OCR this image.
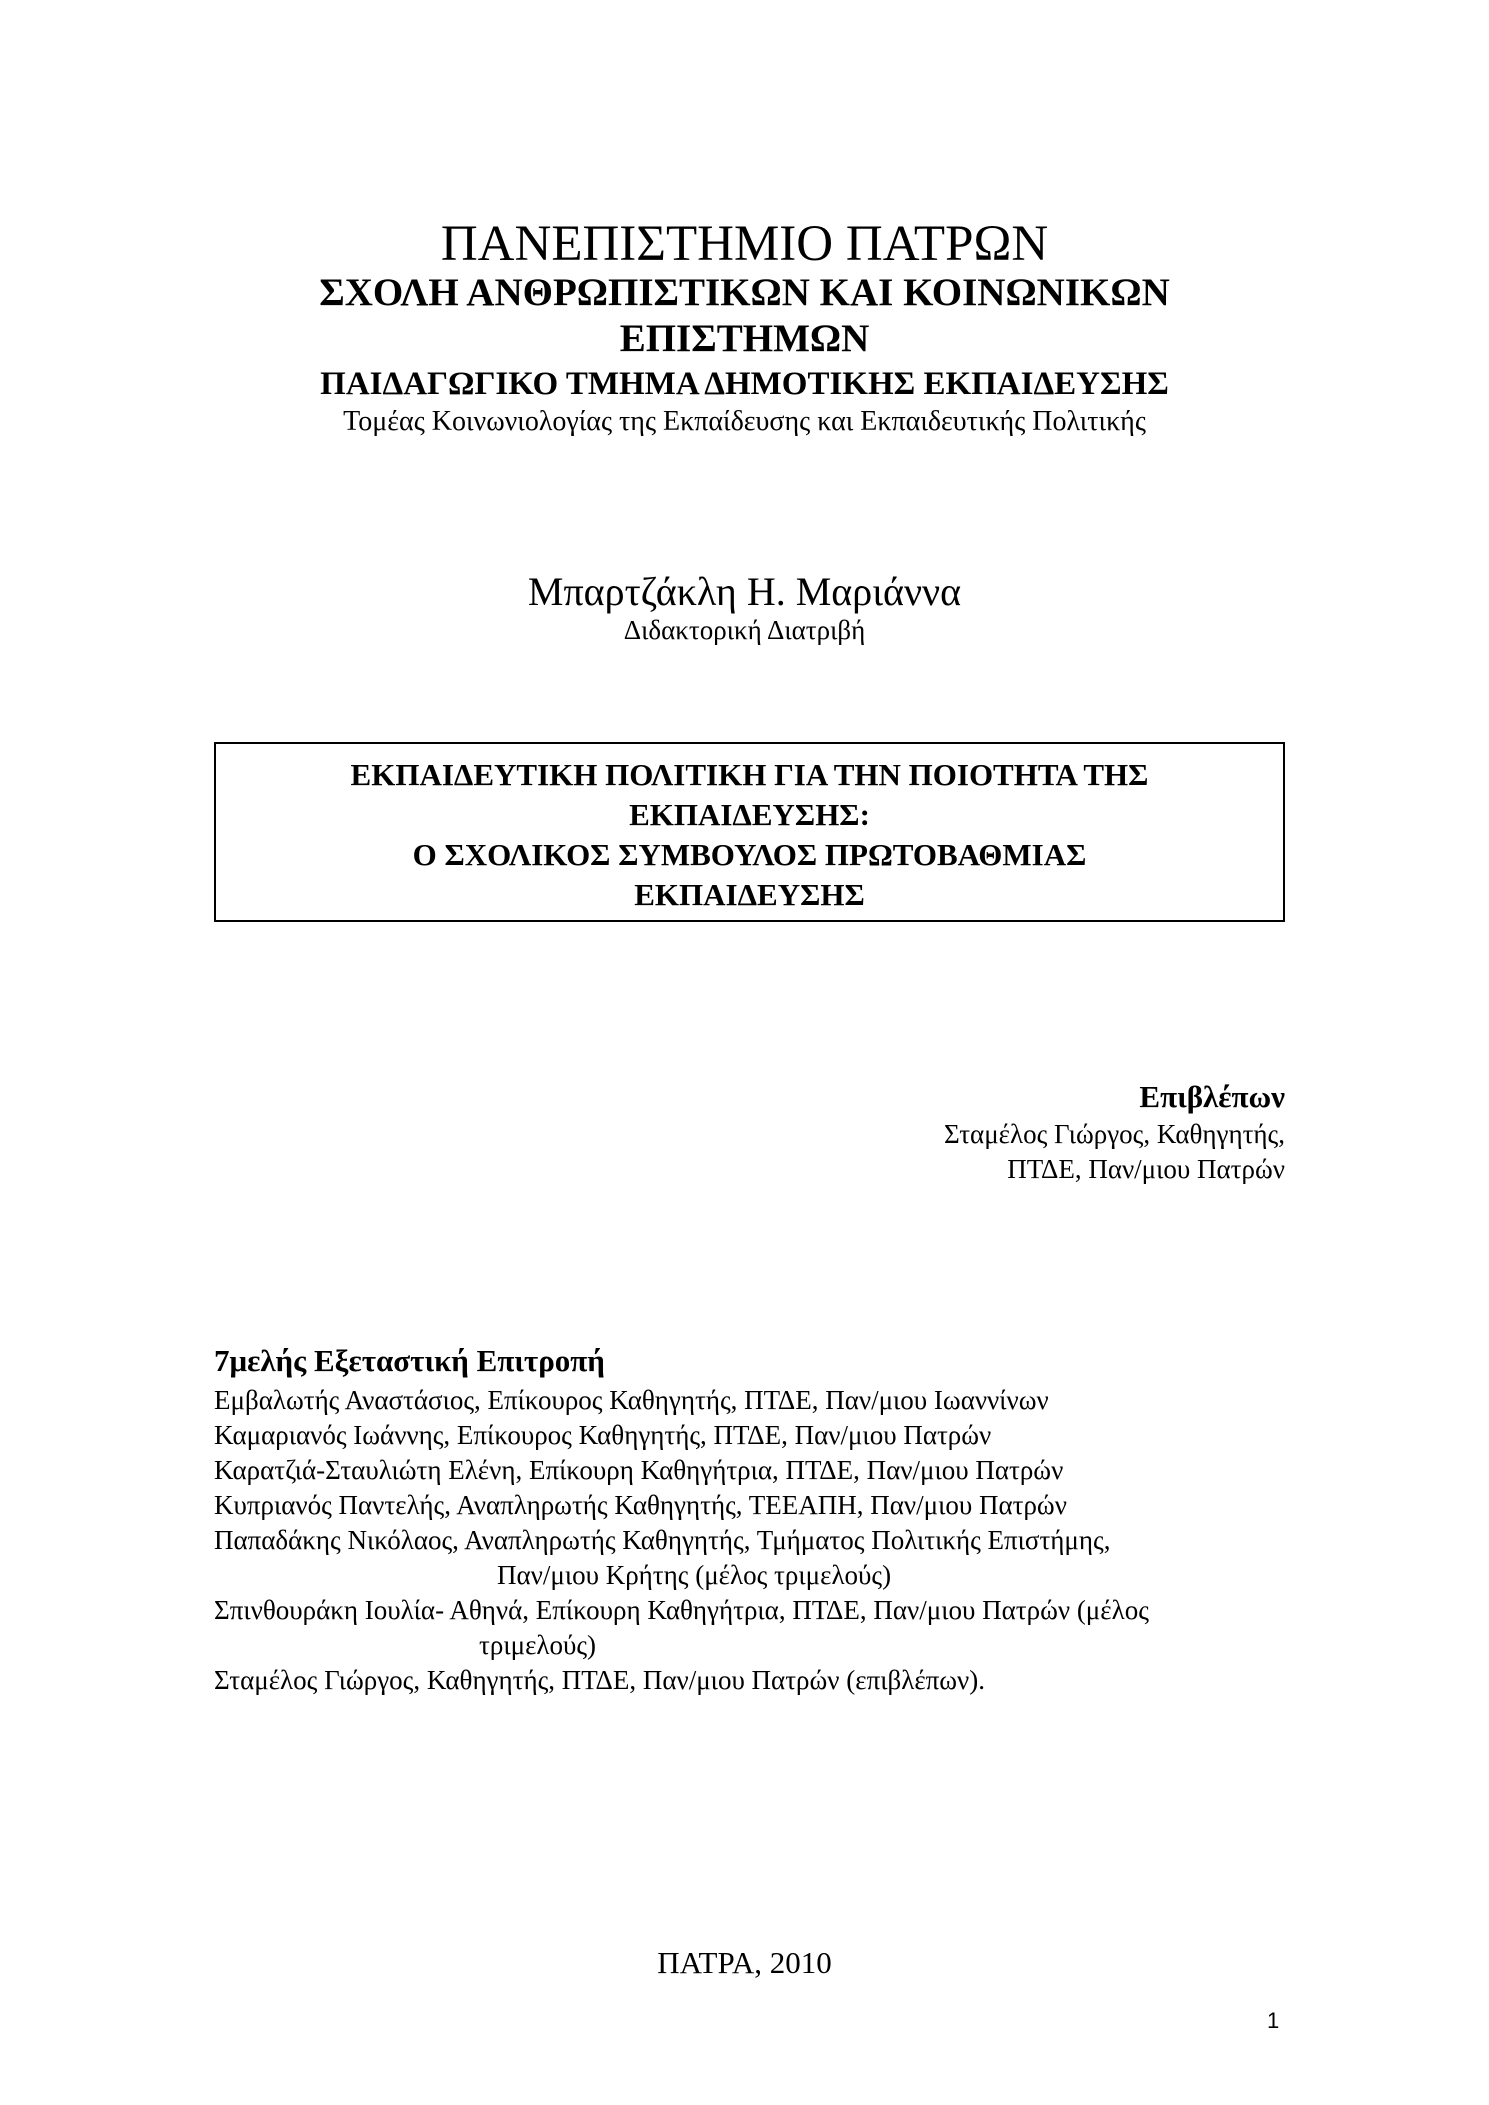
ΠΑΝΕΠΙΣΤΗΜΙΟ ΠΑΤΡΩΝ
ΣΧΟΛΗ ΑΝΘΡΩΠΙΣΤΙΚΩΝ ΚΑΙ ΚΟΙΝΩΝΙΚΩΝ
ΕΠΙΣΤΗΜΩΝ
ΠΑΙΔΑΓΩΓΙΚΟ ΤΜΗΜΑ ΔΗΜΟΤΙΚΗΣ ΕΚΠΑΙΔΕΥΣΗΣ
Τομέας Κοινωνιολογίας της Εκπαίδευσης και Εκπαιδευτικής Πολιτικής
Μπαρτζάκλη Η. Μαριάννα
Διδακτορική Διατριβή
ΕΚΠΑΙΔΕΥΤΙΚΗ ΠΟΛΙΤΙΚΗ ΓΙΑ ΤΗΝ ΠΟΙΟΤΗΤΑ ΤΗΣ
ΕΚΠΑΙΔΕΥΣΗΣ:
Ο ΣΧΟΛΙΚΟΣ ΣΥΜΒΟΥΛΟΣ ΠΡΩΤΟΒΑΘΜΙΑΣ
ΕΚΠΑΙΔΕΥΣΗΣ
Επιβλέπων
Σταμέλος Γιώργος, Καθηγητής,
ΠΤΔΕ, Παν/μιου Πατρών
7μελής Εξεταστική Επιτροπή
Εμβαλωτής Αναστάσιος, Επίκουρος Καθηγητής, ΠΤΔΕ, Παν/μιου Ιωαννίνων
Καμαριανός Ιωάννης, Επίκουρος Καθηγητής, ΠΤΔΕ, Παν/μιου Πατρών
Καρατζιά-Σταυλιώτη Ελένη, Επίκουρη Καθηγήτρια, ΠΤΔΕ, Παν/μιου Πατρών
Κυπριανός Παντελής, Αναπληρωτής Καθηγητής, ΤΕΕΑΠΗ, Παν/μιου Πατρών
Παπαδάκης Νικόλαος, Αναπληρωτής Καθηγητής, Τμήματος Πολιτικής Επιστήμης,
Παν/μιου Κρήτης (μέλος τριμελούς)
Σπινθουράκη Ιουλία- Αθηνά, Επίκουρη Καθηγήτρια, ΠΤΔΕ, Παν/μιου Πατρών (μέλος
τριμελούς)
Σταμέλος Γιώργος, Καθηγητής, ΠΤΔΕ, Παν/μιου Πατρών (επιβλέπων).
ΠΑΤΡΑ, 2010
1
